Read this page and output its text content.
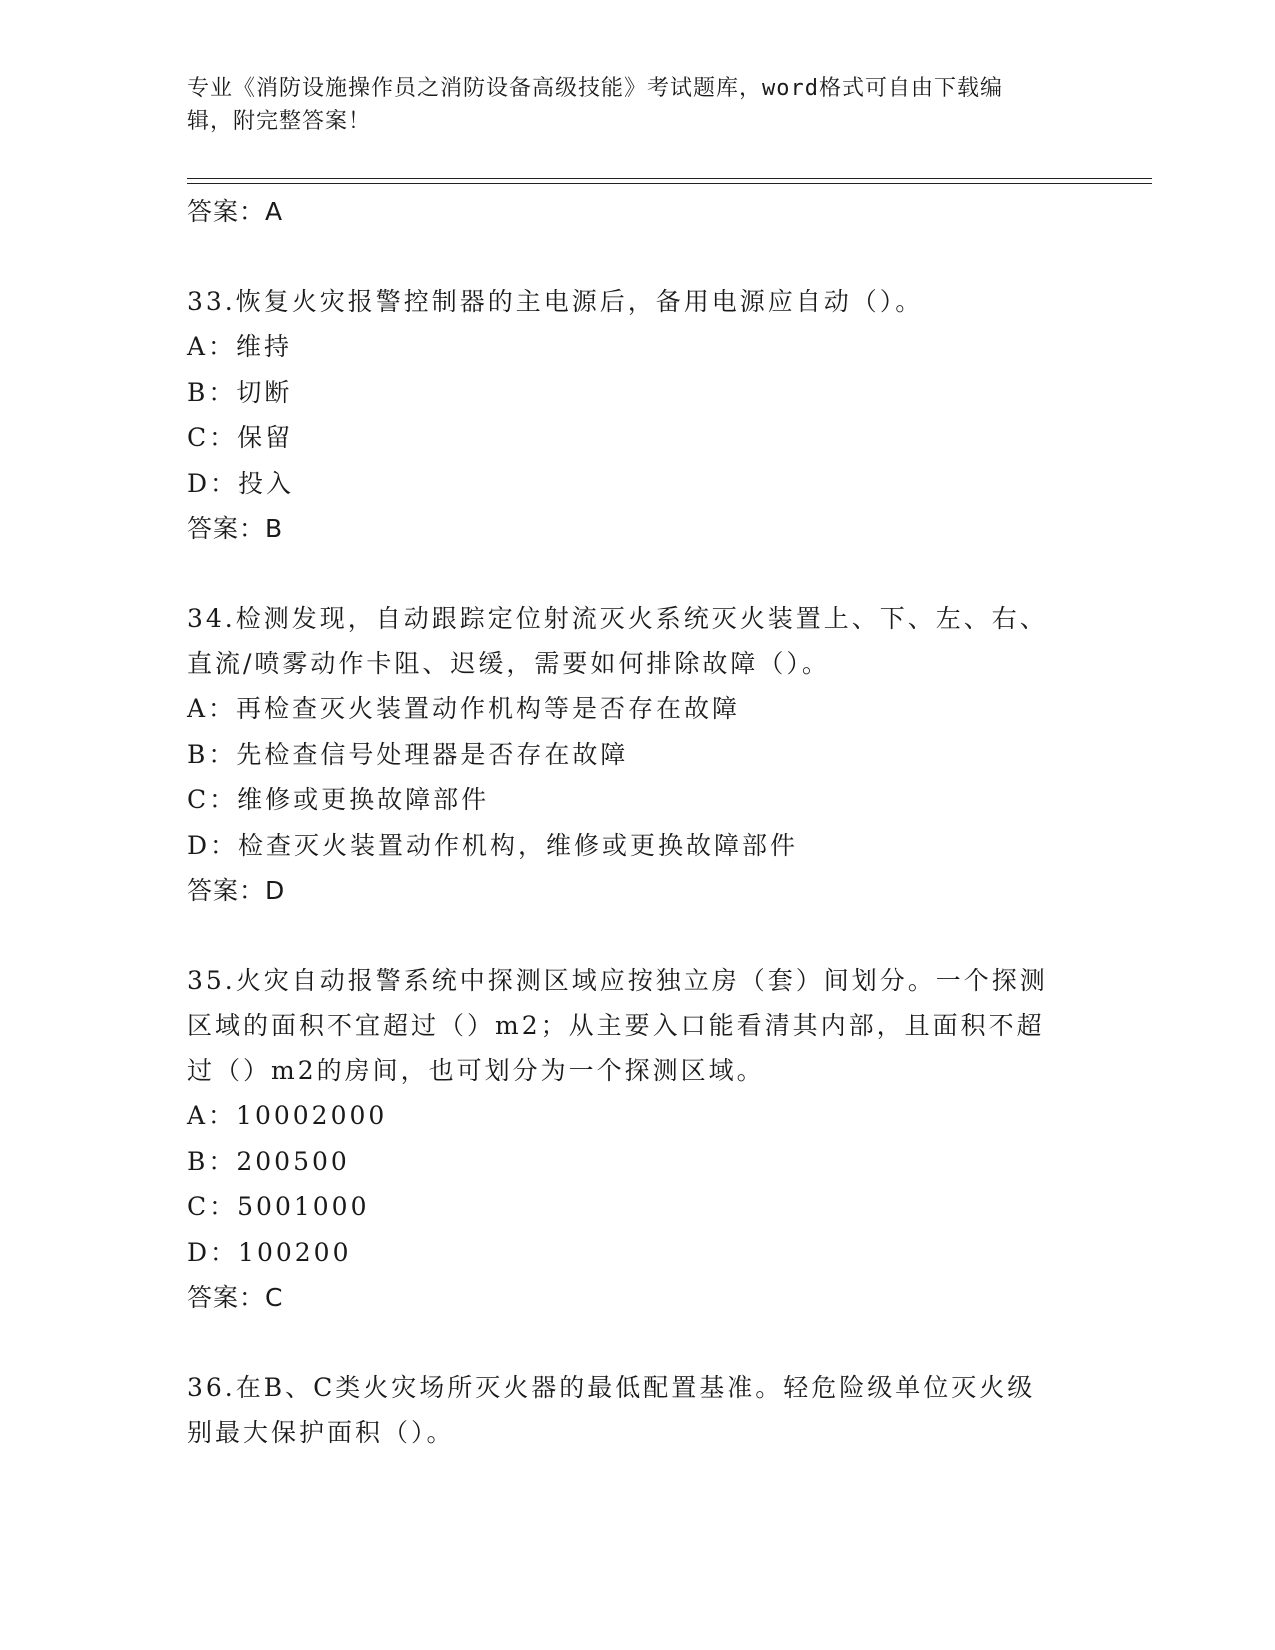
专业《消防设施操作员之消防设备高级技能》考试题库，word格式可自由下载编
辑，附完整答案！
答案：A
33.恢复火灾报警控制器的主电源后，备用电源应自动（）。
A：维持
B：切断
C：保留
D：投入
答案：B
34.检测发现，自动跟踪定位射流灭火系统灭火装置上、下、左、右、
直流/喷雾动作卡阻、迟缓，需要如何排除故障（）。
A：再检查灭火装置动作机构等是否存在故障
B：先检查信号处理器是否存在故障
C：维修或更换故障部件
D：检查灭火装置动作机构，维修或更换故障部件
答案：D
35.火灾自动报警系统中探测区域应按独立房（套）间划分。一个探测
区域的面积不宜超过（）m2；从主要入口能看清其内部，且面积不超
过（）m2的房间，也可划分为一个探测区域。
A：10002000
B：200500
C：5001000
D：100200
答案：C
36.在B、C类火灾场所灭火器的最低配置基准。轻危险级单位灭火级
别最大保护面积（）。
